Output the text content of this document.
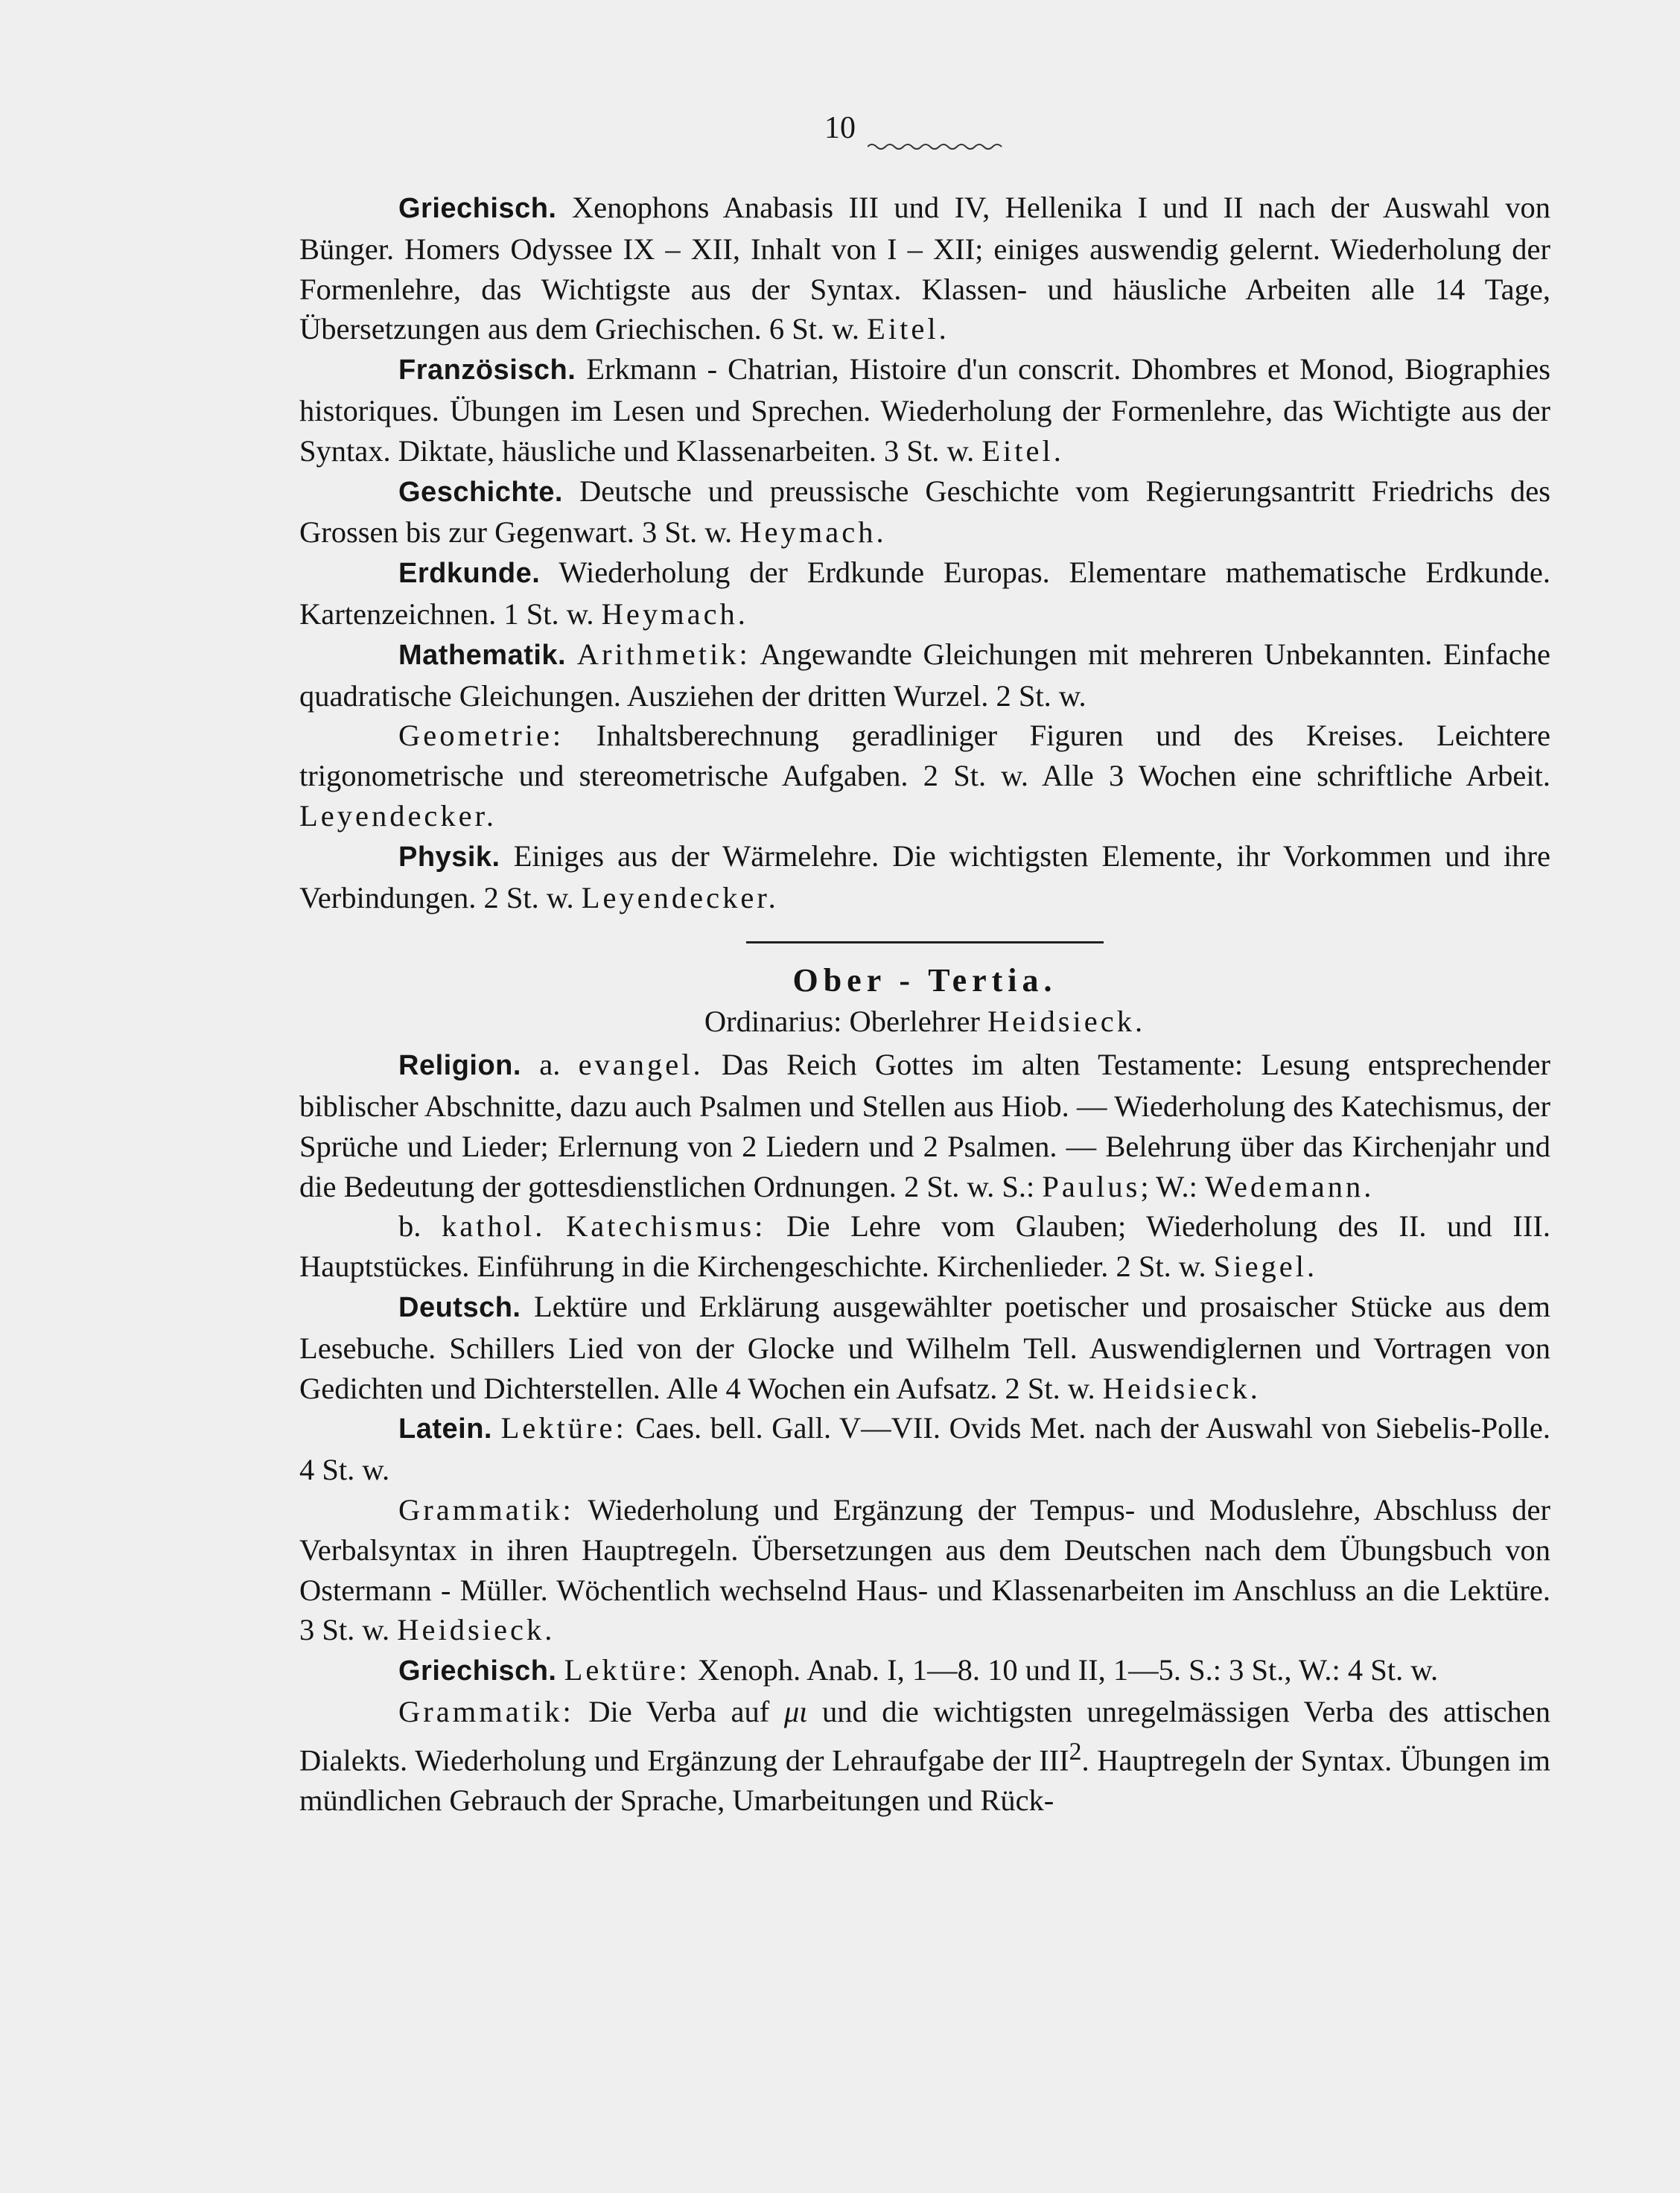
10

Griechisch. Xenophons Anabasis III und IV, Hellenika I und II nach der Auswahl von Bünger. Homers Odyssee IX – XII, Inhalt von I – XII; einiges auswendig gelernt. Wiederholung der Formenlehre, das Wichtigste aus der Syntax. Klassen- und häusliche Arbeiten alle 14 Tage, Übersetzungen aus dem Griechischen. 6 St. w. Eitel.

Französisch. Erkmann - Chatrian, Histoire d'un conscrit. Dhombres et Monod, Biographies historiques. Übungen im Lesen und Sprechen. Wiederholung der Formenlehre, das Wichtigte aus der Syntax. Diktate, häusliche und Klassenarbeiten. 3 St. w. Eitel.

Geschichte. Deutsche und preussische Geschichte vom Regierungsantritt Friedrichs des Grossen bis zur Gegenwart. 3 St. w. Heymach.

Erdkunde. Wiederholung der Erdkunde Europas. Elementare mathematische Erdkunde. Kartenzeichnen. 1 St. w. Heymach.

Mathematik. Arithmetik: Angewandte Gleichungen mit mehreren Unbekannten. Einfache quadratische Gleichungen. Ausziehen der dritten Wurzel. 2 St. w.

Geometrie: Inhaltsberechnung geradliniger Figuren und des Kreises. Leichtere trigonometrische und stereometrische Aufgaben. 2 St. w. Alle 3 Wochen eine schriftliche Arbeit. Leyendecker.

Physik. Einiges aus der Wärmelehre. Die wichtigsten Elemente, ihr Vorkommen und ihre Verbindungen. 2 St. w. Leyendecker.

Ober - Tertia.

Ordinarius: Oberlehrer Heidsieck.

Religion. a. evangel. Das Reich Gottes im alten Testamente: Lesung entsprechender biblischer Abschnitte, dazu auch Psalmen und Stellen aus Hiob. — Wiederholung des Katechismus, der Sprüche und Lieder; Erlernung von 2 Liedern und 2 Psalmen. — Belehrung über das Kirchenjahr und die Bedeutung der gottesdienstlichen Ordnungen. 2 St. w. S.: Paulus; W.: Wedemann.

b. kathol. Katechismus: Die Lehre vom Glauben; Wiederholung des II. und III. Hauptstückes. Einführung in die Kirchengeschichte. Kirchenlieder. 2 St. w. Siegel.

Deutsch. Lektüre und Erklärung ausgewählter poetischer und prosaischer Stücke aus dem Lesebuche. Schillers Lied von der Glocke und Wilhelm Tell. Auswendiglernen und Vortragen von Gedichten und Dichterstellen. Alle 4 Wochen ein Aufsatz. 2 St. w. Heidsieck.

Latein. Lektüre: Caes. bell. Gall. V—VII. Ovids Met. nach der Auswahl von Siebelis-Polle. 4 St. w.

Grammatik: Wiederholung und Ergänzung der Tempus- und Moduslehre, Abschluss der Verbalsyntax in ihren Hauptregeln. Übersetzungen aus dem Deutschen nach dem Übungsbuch von Ostermann - Müller. Wöchentlich wechselnd Haus- und Klassenarbeiten im Anschluss an die Lektüre. 3 St. w. Heidsieck.

Griechisch. Lektüre: Xenoph. Anab. I, 1—8. 10 und II, 1—5. S.: 3 St., W.: 4 St. w.

Grammatik: Die Verba auf μι und die wichtigsten unregelmässigen Verba des attischen Dialekts. Wiederholung und Ergänzung der Lehraufgabe der III$^2$. Hauptregeln der Syntax. Übungen im mündlichen Gebrauch der Sprache, Umarbeitungen und Rück-
